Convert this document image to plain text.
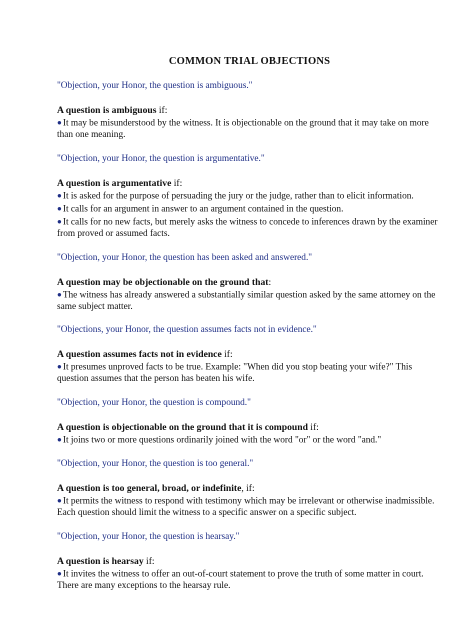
COMMON TRIAL OBJECTIONS
"Objection, your Honor, the question is ambiguous."
A question is ambiguous if:
●It may be misunderstood by the witness. It is objectionable on the ground that it may take on more than one meaning.
"Objection, your Honor, the question is argumentative."
A question is argumentative if:
●It is asked for the purpose of persuading the jury or the judge, rather than to elicit information.
●It calls for an argument in answer to an argument contained in the question.
●It calls for no new facts, but merely asks the witness to concede to inferences drawn by the examiner from proved or assumed facts.
"Objection, your Honor, the question has been asked and answered."
A question may be objectionable on the ground that:
●The witness has already answered a substantially similar question asked by the same attorney on the same subject matter.
"Objections, your Honor, the question assumes facts not in evidence."
A question assumes facts not in evidence if:
●It presumes unproved facts to be true. Example: "When did you stop beating your wife?" This question assumes that the person has beaten his wife.
"Objection, your Honor, the question is compound."
A question is objectionable on the ground that it is compound if:
●It joins two or more questions ordinarily joined with the word "or" or the word "and."
"Objection, your Honor, the question is too general."
A question is too general, broad, or indefinite, if:
●It permits the witness to respond with testimony which may be irrelevant or otherwise inadmissible. Each question should limit the witness to a specific answer on a specific subject.
"Objection, your Honor, the question is hearsay."
A question is hearsay if:
●It invites the witness to offer an out-of-court statement to prove the truth of some matter in court. There are many exceptions to the hearsay rule.
